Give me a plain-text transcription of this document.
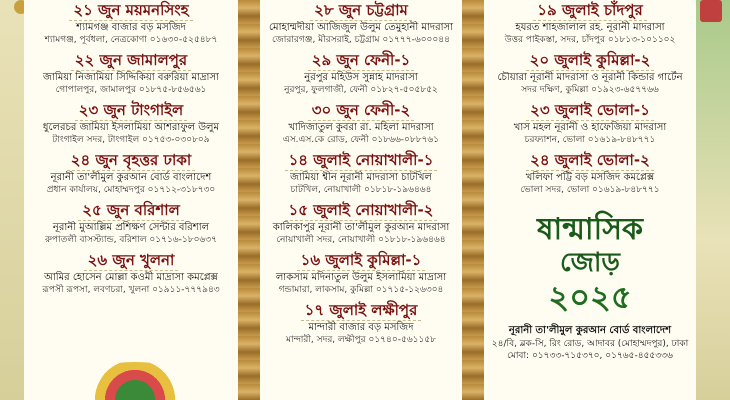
২১ জুন ময়মনসিংহ
শ্যামগঞ্জ বাজার বড় মসজিদ
শ্যামগঞ্জ, পূর্বধলা, নেত্রকোণা ০১৬৩০-৫২৫৪৮৭
২২ জুন জামালপুর
জামিয়া নিজামিয়া সিদ্দিকিয়া বরুরিয়া মাদ্রাসা
গোপালপুর, জামালপুর ০১৮৭৫-৮৫৬৫৬১
২৩ জুন টাংগাইল
ধুলেরচর জামিয়া ইসলামিয়া আশরাফুল উলুম
টাংগাইল সদর, টাংগাইল ০১৭৫৩-০৩০৮০৯
২৪ জুন বৃহত্তর ঢাকা
নূরানী তা'লীমুল কুরআন বোর্ড বাংলাদেশ
প্রধান কার্যালয়, মোহাম্মদপুর ০১৭১২-৩১৮৭৩০
২৫ জুন বরিশাল
নূরানী মুআল্লিম প্রশিক্ষণ সেন্টার বরিশাল
রুপাতলী বাসস্ট্যান্ড, বরিশাল ০১৭১৬-১৮০৬৩৭
২৬ জুন খুলনা
আমির হোসেন মোল্লা কওমী মাদ্রাসা কমপ্লেক্স
রূপসী রূপসা, লবণচরা, খুলনা ০১৯১১-৭৭৭৯৪৩
২৮ জুন চট্টগ্রাম
মোহাম্মদীয়া আজিজুল উলুম তেমুহানী মাদরাসা
জোরারগঞ্জ, মীরসরাই, চট্টগ্রাম ০১৭৭৭-৬০০০৪৪
২৯ জুন ফেনী-১
নুরপুর মহিউস সুন্নাহ মাদরাসা
নুরপুর, ফুলগাজী, ফেনী ০১৮২৭-৫০৫৮৫২
৩০ জুন ফেনী-২
খাদিজাতুল কুবরা রা. মহিলা মাদরাসা
এস.এস.কে রোড, ফেনী ০১৮৬৬-০৮৮৭৬১
১৪ জুলাই নোয়াখালী-১
জামিয়া শ্বীন নূরানী মাদরাসা চাটখিল
চাটখিল, নোয়াখালী ০১৮১৮-১৯৬৪৬৪
১৫ জুলাই নোয়াখালী-২
কালিকাপুর নূরানী তা'লীমুল কুরআন মাদরাসা
নোয়াখালী সদর, নোয়াখালী ০১৮১৮-১৯৬৪৬৪
১৬ জুলাই কুমিল্লা-১
লাকসাম মদিনাতুল উলুম ইসলামিয়া মাদ্রাসা
গন্ডামারা, লাকসাম, কুমিল্লা ০১৭১৫-১২৬৩০৪
১৭ জুলাই লক্ষীপুর
মান্দারী বাজার বড় মসজিদ
মান্দারী, সদর, লক্ষীপুর ০১৭৪০-৫৬১১৫৮
১৯ জুলাই চাঁদপুর
হযরত শাহজালাল রহ. নূরানী মাদরাসা
উত্তর পাইকস্তা, সদর, চাঁদপুর ০১৮১৩-১০১১০২
২০ জুলাই কুমিল্লা-২
চৌয়ারা নূরানী মাদরাসা ও নূরানী কিন্ডার গার্টেন
সদর দক্ষিণ, কুমিল্লা ০১৯২৩-৬৫৭৭৬৬
২৩ জুলাই ভোলা-১
খাস মহল নূরানী ও হাফেজিয়া মাদরাসা
চরফ্যাশন, ভোলা ০১৬১৯-৮৪৮৭৭১
২৪ জুলাই ভোলা-২
খলিফা পট্টি বড় মসজিদ কমপ্লেক্স
ভোলা সদর, ভোলা ০১৬১৯-৮৪৮৭৭১
ষান্মাসিক
জোড়
২০২৫
নূরানী তা'লীমুল কুরআন বোর্ড বাংলাদেশ
২৪/বি, ব্লক-সি, রিং রোড, আদাবর (মোহাম্মদপুর), ঢাকা
মোবা: ০১৭৩৩-৭১৫৩৭০, ০১৭৬৫-৪৫৫৩৩৬
